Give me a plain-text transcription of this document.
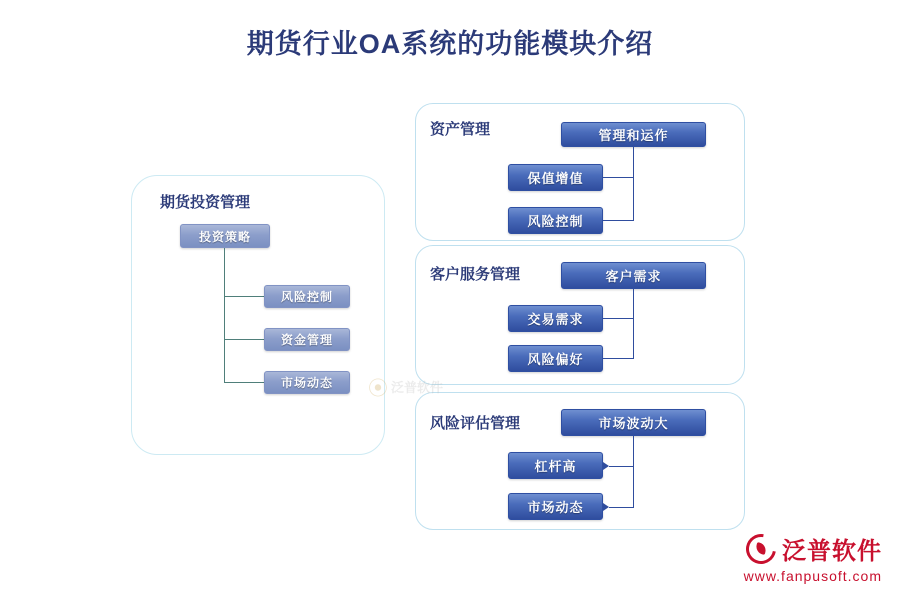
期货行业OA系统的功能模块介绍
期货投资管理
投资策略
风险控制
资金管理
市场动态
资产管理	管理和运作
保值增值
风险控制
客户服务管理	客户需求
交易需求
风险偏好
风险评估管理	市场波动大
杠杆高
市场动态
⦿ 泛普软件
泛普软件
www.fanpusoft.com
